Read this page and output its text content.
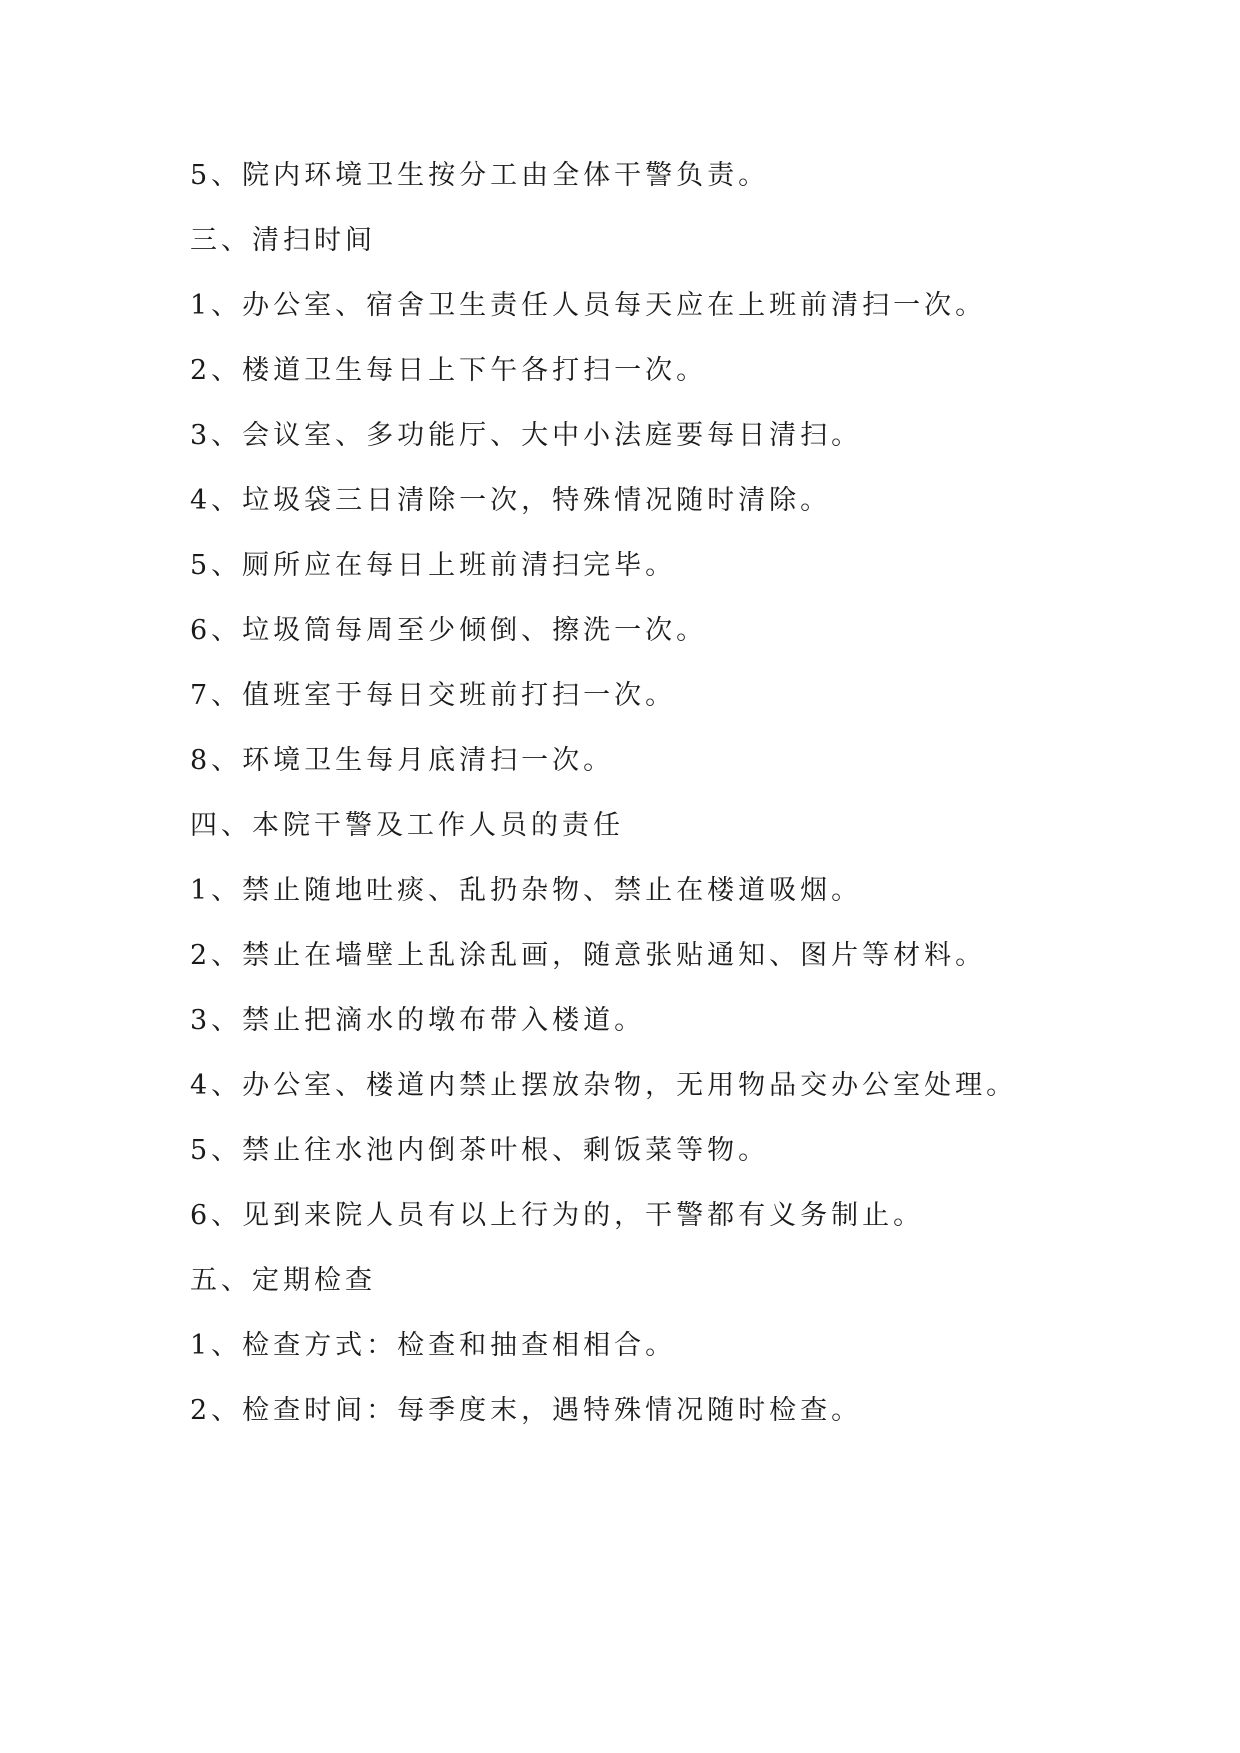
5、院内环境卫生按分工由全体干警负责。

三、清扫时间

1、办公室、宿舍卫生责任人员每天应在上班前清扫一次。

2、楼道卫生每日上下午各打扫一次。

3、会议室、多功能厅、大中小法庭要每日清扫。

4、垃圾袋三日清除一次，特殊情况随时清除。

5、厕所应在每日上班前清扫完毕。

6、垃圾筒每周至少倾倒、擦洗一次。

7、值班室于每日交班前打扫一次。

8、环境卫生每月底清扫一次。

四、本院干警及工作人员的责任

1、禁止随地吐痰、乱扔杂物、禁止在楼道吸烟。

2、禁止在墙壁上乱涂乱画，随意张贴通知、图片等材料。

3、禁止把滴水的墩布带入楼道。

4、办公室、楼道内禁止摆放杂物，无用物品交办公室处理。

5、禁止往水池内倒茶叶根、剩饭菜等物。

6、见到来院人员有以上行为的，干警都有义务制止。

五、定期检查

1、检查方式：检查和抽查相相合。

2、检查时间：每季度末，遇特殊情况随时检查。
